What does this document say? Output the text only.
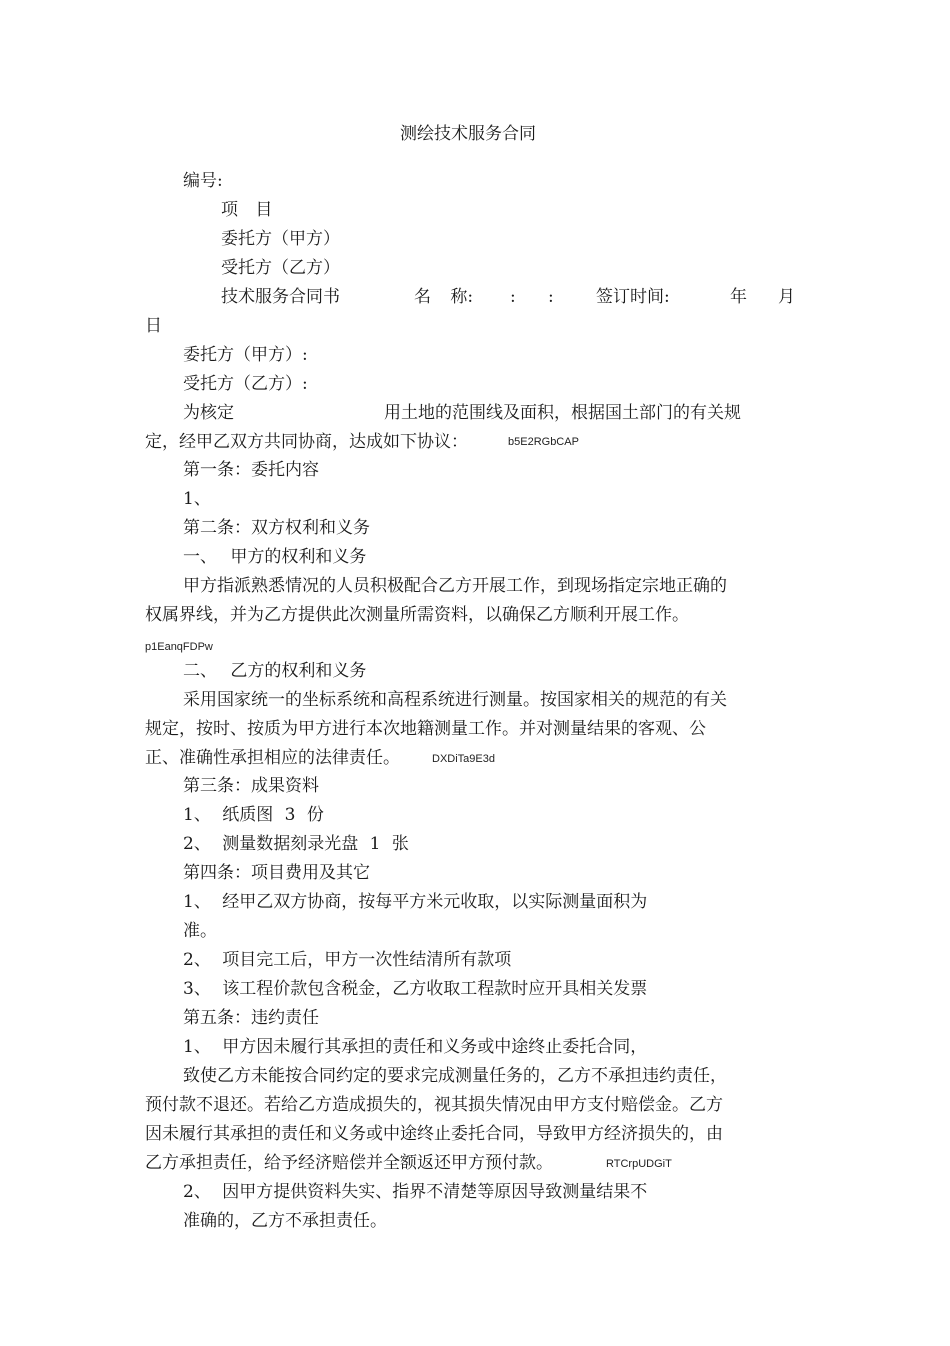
测绘技术服务合同
编号:
项 目
委托方（甲方）
受托方（乙方）
技术服务合同书	名 称: : : 签订时间:	年 月
日
委托方（甲方）:
受托方（乙方）:
为核定	用土地的范围线及面积，根据国土部门的有关规
定，经甲乙双方共同协商，达成如下协议：	b5E2RGbCAP
第一条：委托内容
1、
第二条：双方权利和义务
一、 甲方的权利和义务
甲方指派熟悉情况的人员积极配合乙方开展工作，到现场指定宗地正确的
权属界线，并为乙方提供此次测量所需资料，以确保乙方顺利开展工作。
p1EanqFDPw
二、 乙方的权利和义务
采用国家统一的坐标系统和高程系统进行测量。按国家相关的规范的有关
规定，按时、按质为甲方进行本次地籍测量工作。并对测量结果的客观、公
正、准确性承担相应的法律责任。	DXDiTa9E3d
第三条：成果资料
1、 纸质图 3 份
2、 测量数据刻录光盘 1 张
第四条：项目费用及其它
1、 经甲乙双方协商，按每平方米元收取，以实际测量面积为
准。
2、 项目完工后，甲方一次性结清所有款项
3、 该工程价款包含税金，乙方收取工程款时应开具相关发票
第五条：违约责任
1、 甲方因未履行其承担的责任和义务或中途终止委托合同，
致使乙方未能按合同约定的要求完成测量任务的，乙方不承担违约责任，
预付款不退还。若给乙方造成损失的，视其损失情况由甲方支付赔偿金。乙方
因未履行其承担的责任和义务或中途终止委托合同，导致甲方经济损失的，由
乙方承担责任，给予经济赔偿并全额返还甲方预付款。	RTCrpUDGiT
2、 因甲方提供资料失实、指界不清楚等原因导致测量结果不
准确的，乙方不承担责任。
